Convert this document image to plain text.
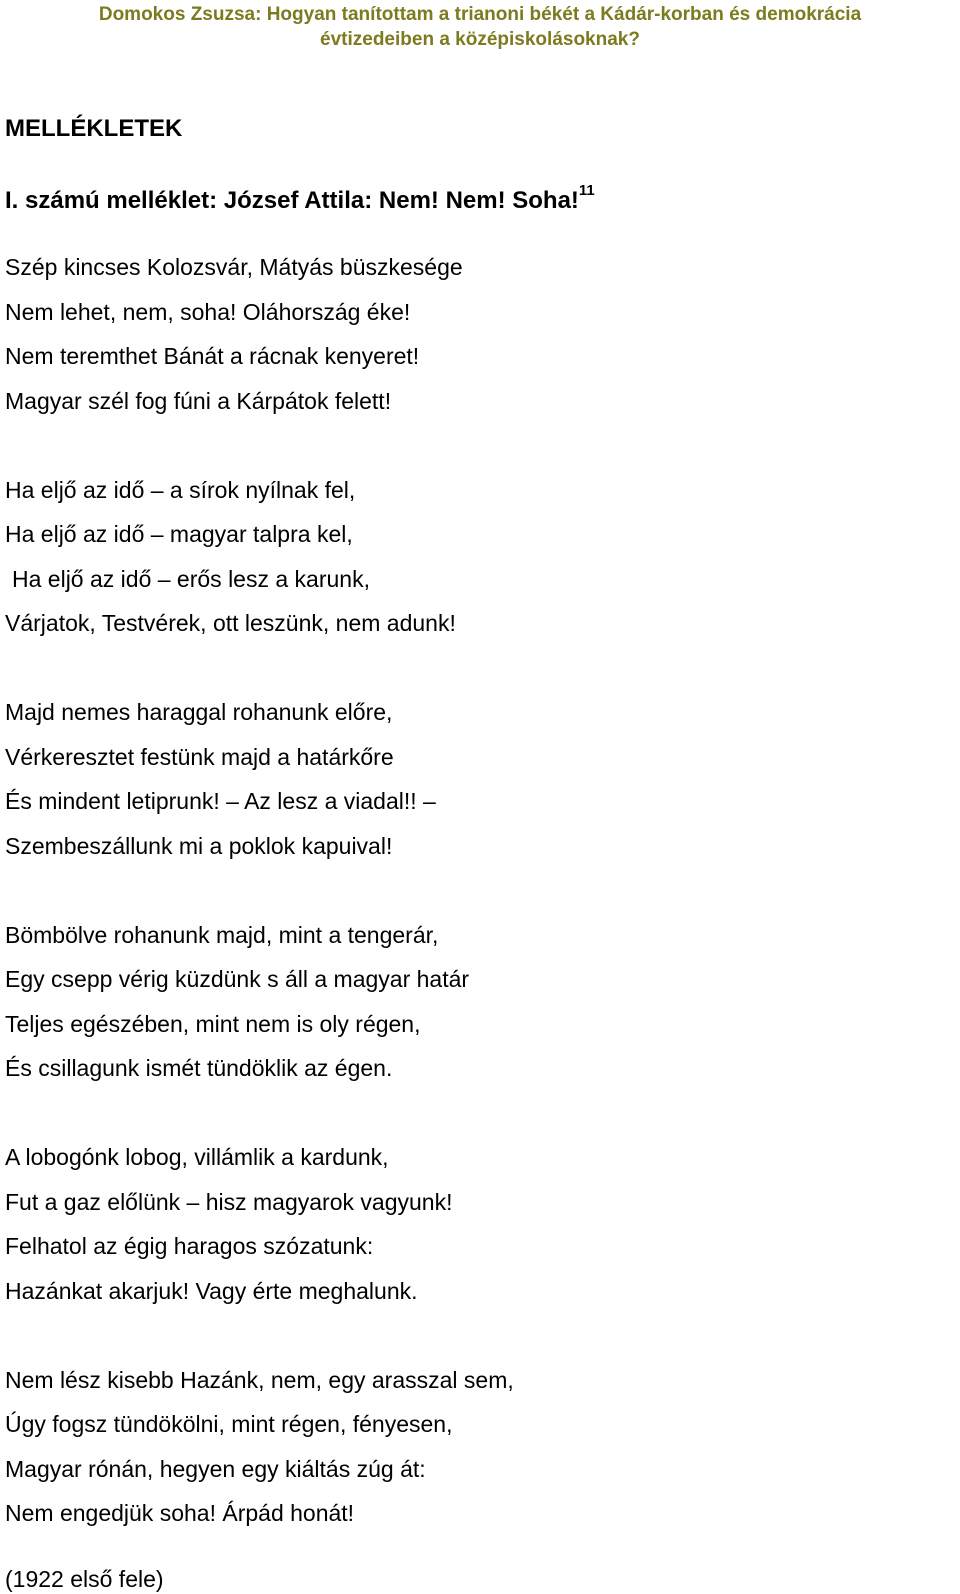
Domokos Zsuzsa: Hogyan tanítottam a trianoni békét a Kádár-korban és demokrácia
évtizedeiben a középiskolásoknak?
MELLÉKLETEK
I. számú melléklet: József Attila: Nem! Nem! Soha!$^{11}$
Szép kincses Kolozsvár, Mátyás büszkesége
Nem lehet, nem, soha! Oláhország éke!
Nem teremthet Bánát a rácnak kenyeret!
Magyar szél fog fúni a Kárpátok felett!
Ha eljő az idő – a sírok nyílnak fel,
Ha eljő az idő – magyar talpra kel,
Ha eljő az idő – erős lesz a karunk,
Várjatok, Testvérek, ott leszünk, nem adunk!
Majd nemes haraggal rohanunk előre,
Vérkeresztet festünk majd a határkőre
És mindent letiprunk! – Az lesz a viadal!! –
Szembeszállunk mi a poklok kapuival!
Bömbölve rohanunk majd, mint a tengerár,
Egy csepp vérig küzdünk s áll a magyar határ
Teljes egészében, mint nem is oly régen,
És csillagunk ismét tündöklik az égen.
A lobogónk lobog, villámlik a kardunk,
Fut a gaz előlünk – hisz magyarok vagyunk!
Felhatol az égig haragos szózatunk:
Hazánkat akarjuk! Vagy érte meghalunk.
Nem lész kisebb Hazánk, nem, egy arasszal sem,
Úgy fogsz tündökölni, mint régen, fényesen,
Magyar rónán, hegyen egy kiáltás zúg át:
Nem engedjük soha! Árpád honát!

(1922 első fele)
